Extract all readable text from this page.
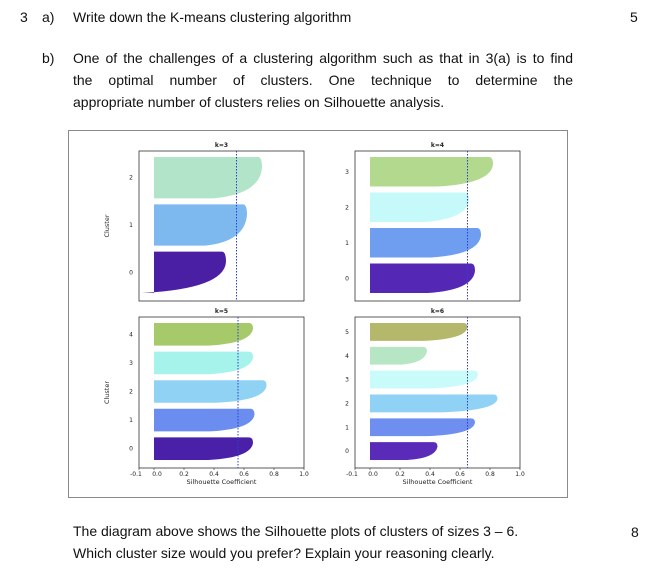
3 a) Write down the K-means clustering algorithm	5
b) One of the challenges of a clustering algorithm such as that in 3(a) is to find
the optimal number of clusters. One technique to determine the
appropriate number of clusters relies on Silhouette analysis.
k=3
0
1
2
Cluster
k=4
0
1
2
3
k=5
0
1
2
3
4
-0.1 0.0	0.2	0.4	0.6	0.8	1.0
Silhouette Coefficient
Cluster
k=6
0
1
2
3
4
5
-0.1 0.0	0.2	0.4	0.6	0.8	1.0
Silhouette Coefficient
The diagram above shows the Silhouette plots of clusters of sizes 3 – 6.
Which cluster size would you prefer? Explain your reasoning clearly.
8
